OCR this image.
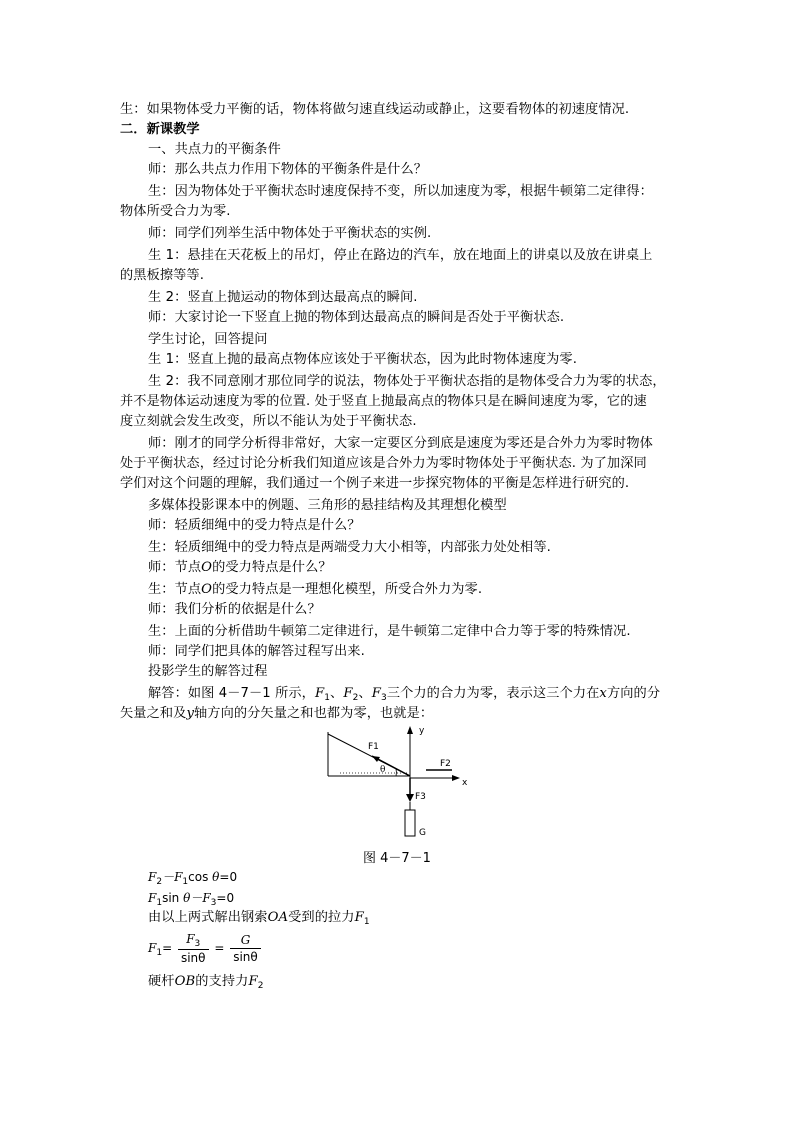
生：如果物体受力平衡的话，物体将做匀速直线运动或静止，这要看物体的初速度情况.
二．新课教学
一、共点力的平衡条件
师：那么共点力作用下物体的平衡条件是什么？
生：因为物体处于平衡状态时速度保持不变，所以加速度为零，根据牛顿第二定律得：
物体所受合力为零.
师：同学们列举生活中物体处于平衡状态的实例.
生 1：悬挂在天花板上的吊灯，停止在路边的汽车，放在地面上的讲桌以及放在讲桌上
的黑板擦等等.
生 2：竖直上抛运动的物体到达最高点的瞬间.
师：大家讨论一下竖直上抛的物体到达最高点的瞬间是否处于平衡状态.
学生讨论，回答提问
生 1：竖直上抛的最高点物体应该处于平衡状态，因为此时物体速度为零.
生 2：我不同意刚才那位同学的说法，物体处于平衡状态指的是物体受合力为零的状态，
并不是物体运动速度为零的位置. 处于竖直上抛最高点的物体只是在瞬间速度为零，它的速
度立刻就会发生改变，所以不能认为处于平衡状态.
师：刚才的同学分析得非常好，大家一定要区分到底是速度为零还是合外力为零时物体
处于平衡状态，经过讨论分析我们知道应该是合外力为零时物体处于平衡状态. 为了加深同
学们对这个问题的理解，我们通过一个例子来进一步探究物体的平衡是怎样进行研究的.
多媒体投影课本中的例题、三角形的悬挂结构及其理想化模型
师：轻质细绳中的受力特点是什么？
生：轻质细绳中的受力特点是两端受力大小相等，内部张力处处相等.
师：节点O的受力特点是什么？
生：节点O的受力特点是一理想化模型，所受合外力为零.
师：我们分析的依据是什么？
生：上面的分析借助牛顿第二定律进行，是牛顿第二定律中合力等于零的特殊情况.
师：同学们把具体的解答过程写出来.
投影学生的解答过程
解答：如图 4－7－1 所示，$F_1$、$F_2$、$F_3$三个力的合力为零，表示这三个力在x方向的分
矢量之和及y轴方向的分矢量之和也都为零，也就是：
F1
θ
y
x
F2
F3
G
图 4－7－1
$F_2-F_1\cos$ θ=0
$F_1\sin$ $\theta-F_3=0$
由以上两式解出钢索OA受到的拉力$F_1$
$F_1= \frac{F_3}{\sin\theta} = \frac{G}{\sin\theta}$
硬杆OB的支持力$F_2$
